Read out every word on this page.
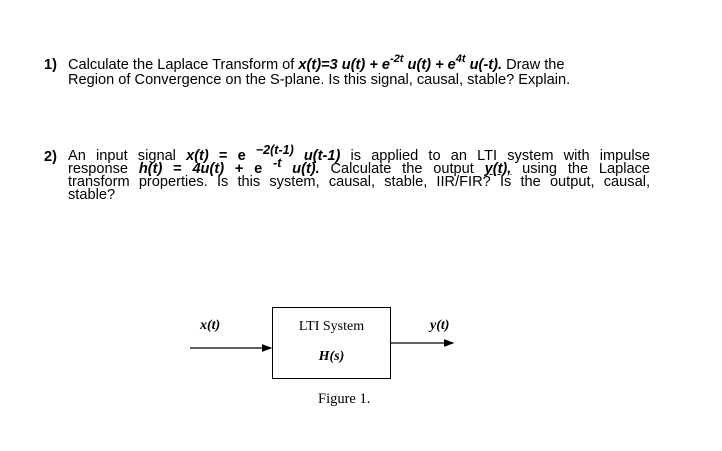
1) Calculate the Laplace Transform of x(t)=3 $u(t) + e^{-2t}$ $u(t) + e^{4t}$ u(-t). Draw the
Region of Convergence on the S-plane. Is this signal, causal, stable? Explain.
2) An input signal x(t) = e $^{-2(t-1)}$ u(t-1) is applied to an LTI system with impulse
response h(t) = 4u(t) + e $^{-t}$ u(t). Calculate the output y(t), using the Laplace
transform properties. Is this system, causal, stable, IIR/FIR? Is the output, causal,
stable?
x(t)	y(t)
LTI System
H(s)
Figure 1.
